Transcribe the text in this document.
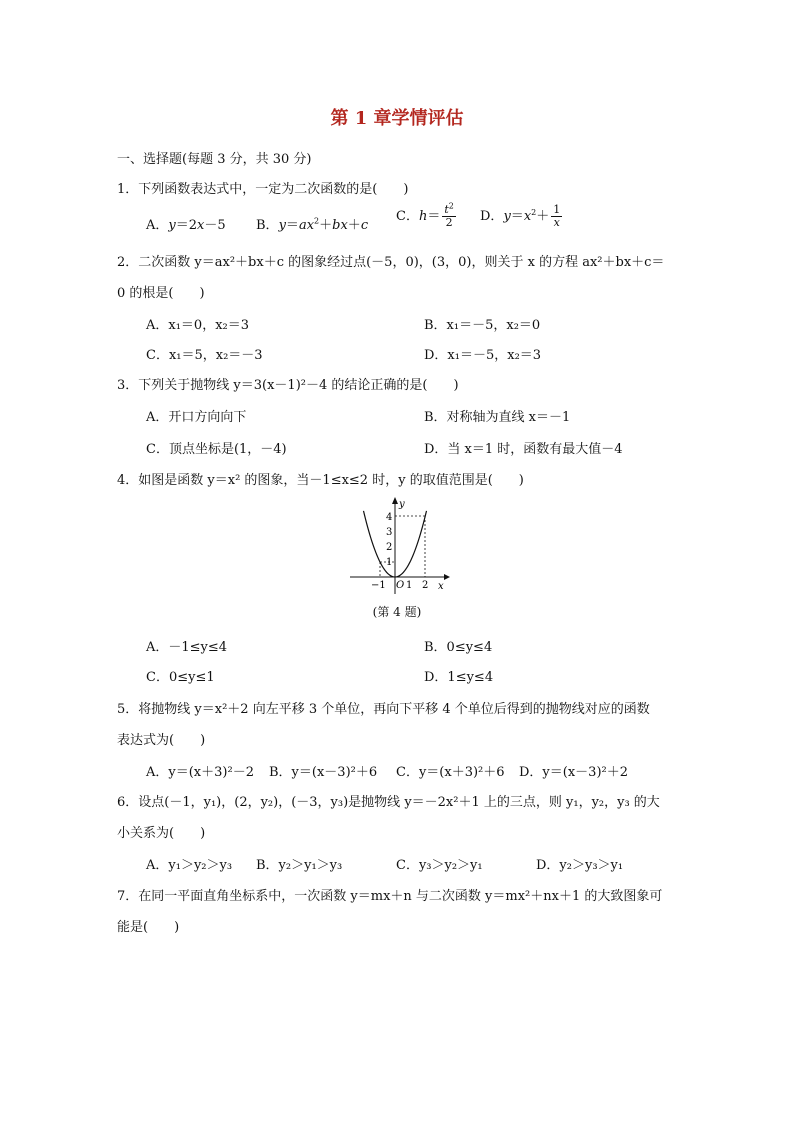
第 1 章学情评估
一、选择题(每题 3 分，共 30 分)
1．下列函数表达式中，一定为二次函数的是(　　)
A．y＝2x－5 B．$y=ax^2+bx+c$
C．$h= \frac{t^2}{2}$ D．$y=x^2+ \frac{1}{x}$
2．二次函数 y＝ax²＋bx＋c 的图象经过点(－5，0)，(3，0)，则关于 x 的方程 ax²＋bx＋c＝
0 的根是(　　)
A．x₁＝0，x₂＝3	B．x₁＝－5，x₂＝0
C．x₁＝5，x₂＝－3	D．x₁＝－5，x₂＝3
3．下列关于抛物线 y＝3(x－1)²－4 的结论正确的是(　　)
A．开口方向向下	B．对称轴为直线 x＝－1
C．顶点坐标是(1，－4)	D．当 x＝1 时，函数有最大值－4
4．如图是函数 y＝x² 的图象，当－1≤x≤2 时，y 的取值范围是(　　)
4
3
2
1
−1 1 2
O
y
x
(第 4 题)
A．－1≤y≤4	B．0≤y≤4
C．0≤y≤1	D．1≤y≤4
5．将抛物线 y＝x²＋2 向左平移 3 个单位，再向下平移 4 个单位后得到的抛物线对应的函数
表达式为(　　)
A．y＝(x＋3)²－2 B．y＝(x－3)²＋6 C．y＝(x＋3)²＋6 D．y＝(x－3)²＋2
6．设点(－1，y₁)，(2，y₂)，(－3，y₃)是抛物线 y＝－2x²＋1 上的三点，则 y₁，y₂，y₃ 的大
小关系为(　　)
A．y₁＞y₂＞y₃ B．y₂＞y₁＞y₃	C．y₃＞y₂＞y₁	D．y₂＞y₃＞y₁
7．在同一平面直角坐标系中，一次函数 y＝mx＋n 与二次函数 y＝mx²＋nx＋1 的大致图象可
能是(　　)
